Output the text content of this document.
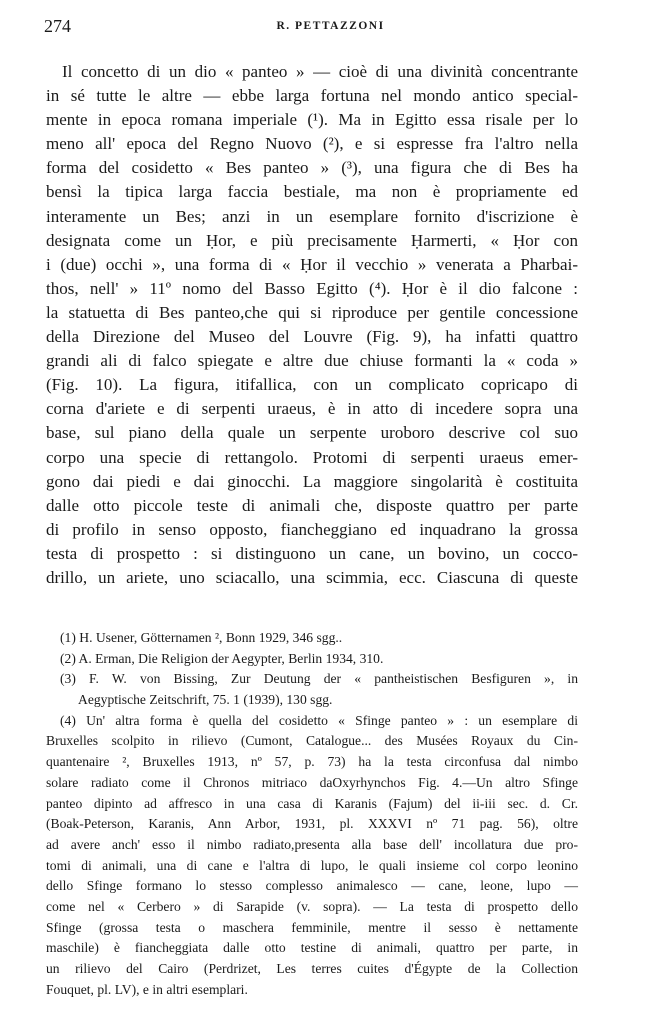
274	R. PETTAZZONI
Il concetto di un dio « panteo » — cioè di una divinità concentrante
in sé tutte le altre — ebbe larga fortuna nel mondo antico special-
mente in epoca romana imperiale (¹). Ma in Egitto essa risale per lo
meno all' epoca del Regno Nuovo (²), e si espresse fra l'altro nella
forma del cosidetto « Bes panteo » (³), una figura che di Bes ha
bensì la tipica larga faccia bestiale, ma non è propriamente ed
interamente un Bes; anzi in un esemplare fornito d'iscrizione è
designata come un Ḥor, e più precisamente Ḥarmerti, « Ḥor con
i (due) occhi », una forma di « Ḥor il vecchio » venerata a Pharbai-
thos, nell' » 11º nomo del Basso Egitto (⁴). Ḥor è il dio falcone :
la statuetta di Bes panteo,che qui si riproduce per gentile concessione
della Direzione del Museo del Louvre (Fig. 9), ha infatti quattro
grandi ali di falco spiegate e altre due chiuse formanti la « coda »
(Fig. 10). La figura, itifallica, con un complicato copricapo di
corna d'ariete e di serpenti uraeus, è in atto di incedere sopra una
base, sul piano della quale un serpente uroboro descrive col suo
corpo una specie di rettangolo. Protomi di serpenti uraeus emer-
gono dai piedi e dai ginocchi. La maggiore singolarità è costituita
dalle otto piccole teste di animali che, disposte quattro per parte
di profilo in senso opposto, fiancheggiano ed inquadrano la grossa
testa di prospetto : si distinguono un cane, un bovino, un cocco-
drillo, un ariete, uno sciacallo, una scimmia, ecc. Ciascuna di queste
(1) H. Usener, Götternamen ², Bonn 1929, 346 sgg..
(2) A. Erman, Die Religion der Aegypter, Berlin 1934, 310.
(3) F. W. von Bissing, Zur Deutung der « pantheistischen Besfiguren », in
Aegyptische Zeitschrift, 75. 1 (1939), 130 sgg.
(4) Un' altra forma è quella del cosidetto « Sfinge panteo » : un esemplare di
Bruxelles scolpito in rilievo (Cumont, Catalogue... des Musées Royaux du Cin-
quantenaire ², Bruxelles 1913, nº 57, p. 73) ha la testa circonfusa dal nimbo
solare radiato come il Chronos mitriaco daOxyrhynchos Fig. 4.—Un altro Sfinge
panteo dipinto ad affresco in una casa di Karanis (Fajum) del ii-iii sec. d. Cr.
(Boak-Peterson, Karanis, Ann Arbor, 1931, pl. XXXVI nº 71 pag. 56), oltre
ad avere anch' esso il nimbo radiato,presenta alla base dell' incollatura due pro-
tomi di animali, una di cane e l'altra di lupo, le quali insieme col corpo leonino
dello Sfinge formano lo stesso complesso animalesco — cane, leone, lupo —
come nel « Cerbero » di Sarapide (v. sopra). — La testa di prospetto dello
Sfinge (grossa testa o maschera femminile, mentre il sesso è nettamente
maschile) è fiancheggiata dalle otto testine di animali, quattro per parte, in
un rilievo del Cairo (Perdrizet, Les terres cuites d'Égypte de la Collection
Fouquet, pl. LV), e in altri esemplari.
